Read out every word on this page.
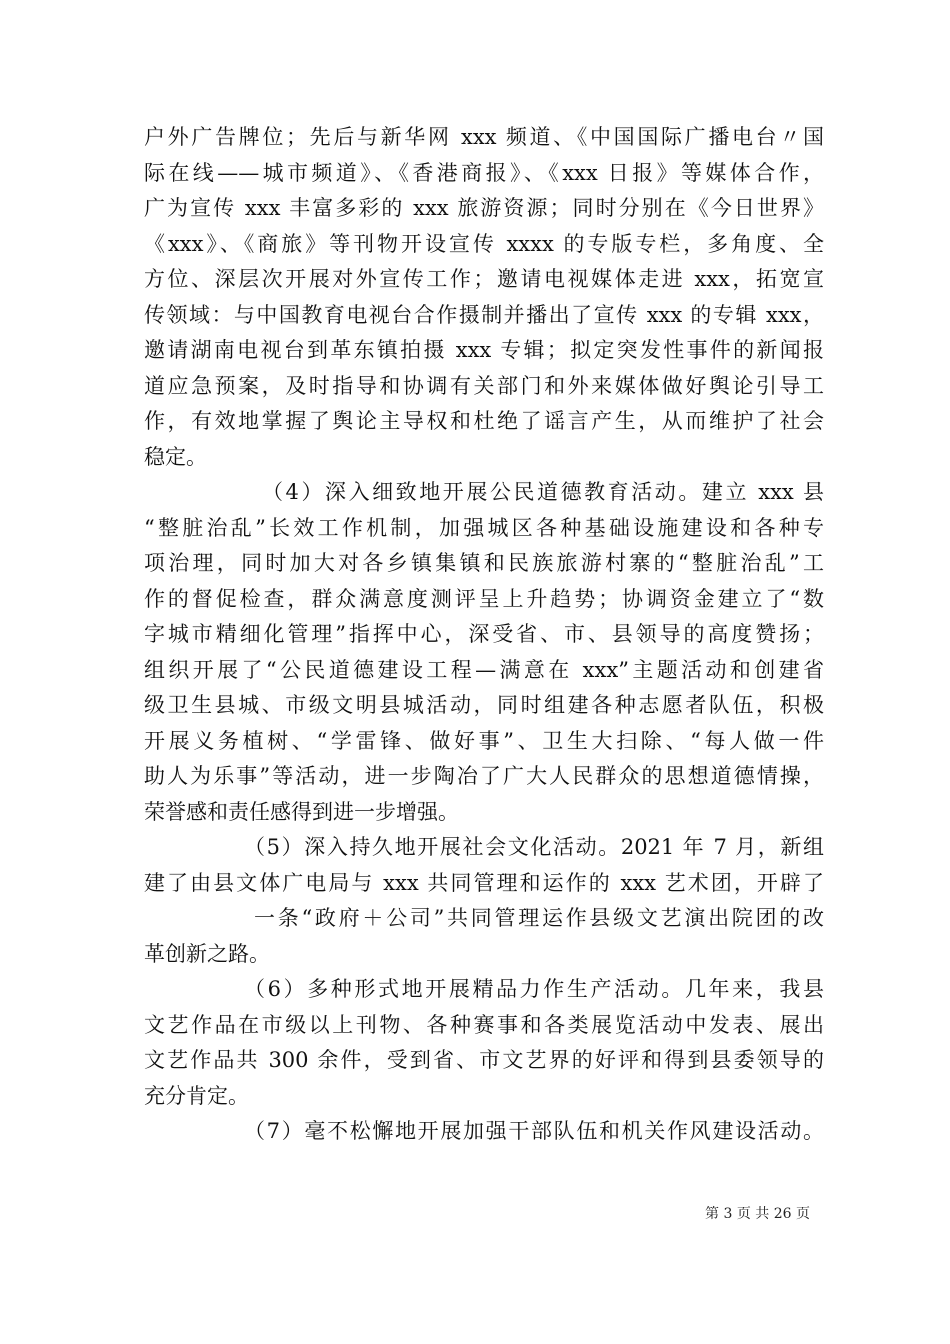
户外广告牌位；先后与新华网 xxx 频道、《中国国际广播电台〃国
际在线——城市频道》、《香港商报》、《xxx 日报》等媒体合作，
广为宣传 xxx 丰富多彩的 xxx 旅游资源；同时分别在《今日世界》
《xxx》、《商旅》等刊物开设宣传 xxxx 的专版专栏，多角度、全
方位、深层次开展对外宣传工作；邀请电视媒体走进 xxx，拓宽宣
传领域：与中国教育电视台合作摄制并播出了宣传 xxx 的专辑 xxx，
邀请湖南电视台到革东镇拍摄 xxx 专辑；拟定突发性事件的新闻报
道应急预案，及时指导和协调有关部门和外来媒体做好舆论引导工
作，有效地掌握了舆论主导权和杜绝了谣言产生，从而维护了社会
稳定。
（4）深入细致地开展公民道德教育活动。建立 xxx 县
“整脏治乱”长效工作机制，加强城区各种基础设施建设和各种专
项治理，同时加大对各乡镇集镇和民族旅游村寨的“整脏治乱”工
作的督促检查，群众满意度测评呈上升趋势；协调资金建立了“数
字城市精细化管理”指挥中心，深受省、市、县领导的高度赞扬；
组织开展了“公民道德建设工程—满意在 xxx”主题活动和创建省
级卫生县城、市级文明县城活动，同时组建各种志愿者队伍，积极
开展义务植树、“学雷锋、做好事”、卫生大扫除、“每人做一件
助人为乐事”等活动，进一步陶冶了广大人民群众的思想道德情操，
荣誉感和责任感得到进一步增强。
（5）深入持久地开展社会文化活动。2021 年 7 月，新组
建了由县文体广电局与 xxx 共同管理和运作的 xxx 艺术团，开辟了
一条“政府＋公司”共同管理运作县级文艺演出院团的改
革创新之路。
（6）多种形式地开展精品力作生产活动。几年来，我县
文艺作品在市级以上刊物、各种赛事和各类展览活动中发表、展出
文艺作品共 300 余件，受到省、市文艺界的好评和得到县委领导的
充分肯定。
（7）毫不松懈地开展加强干部队伍和机关作风建设活动。
第 3 页 共 26 页
